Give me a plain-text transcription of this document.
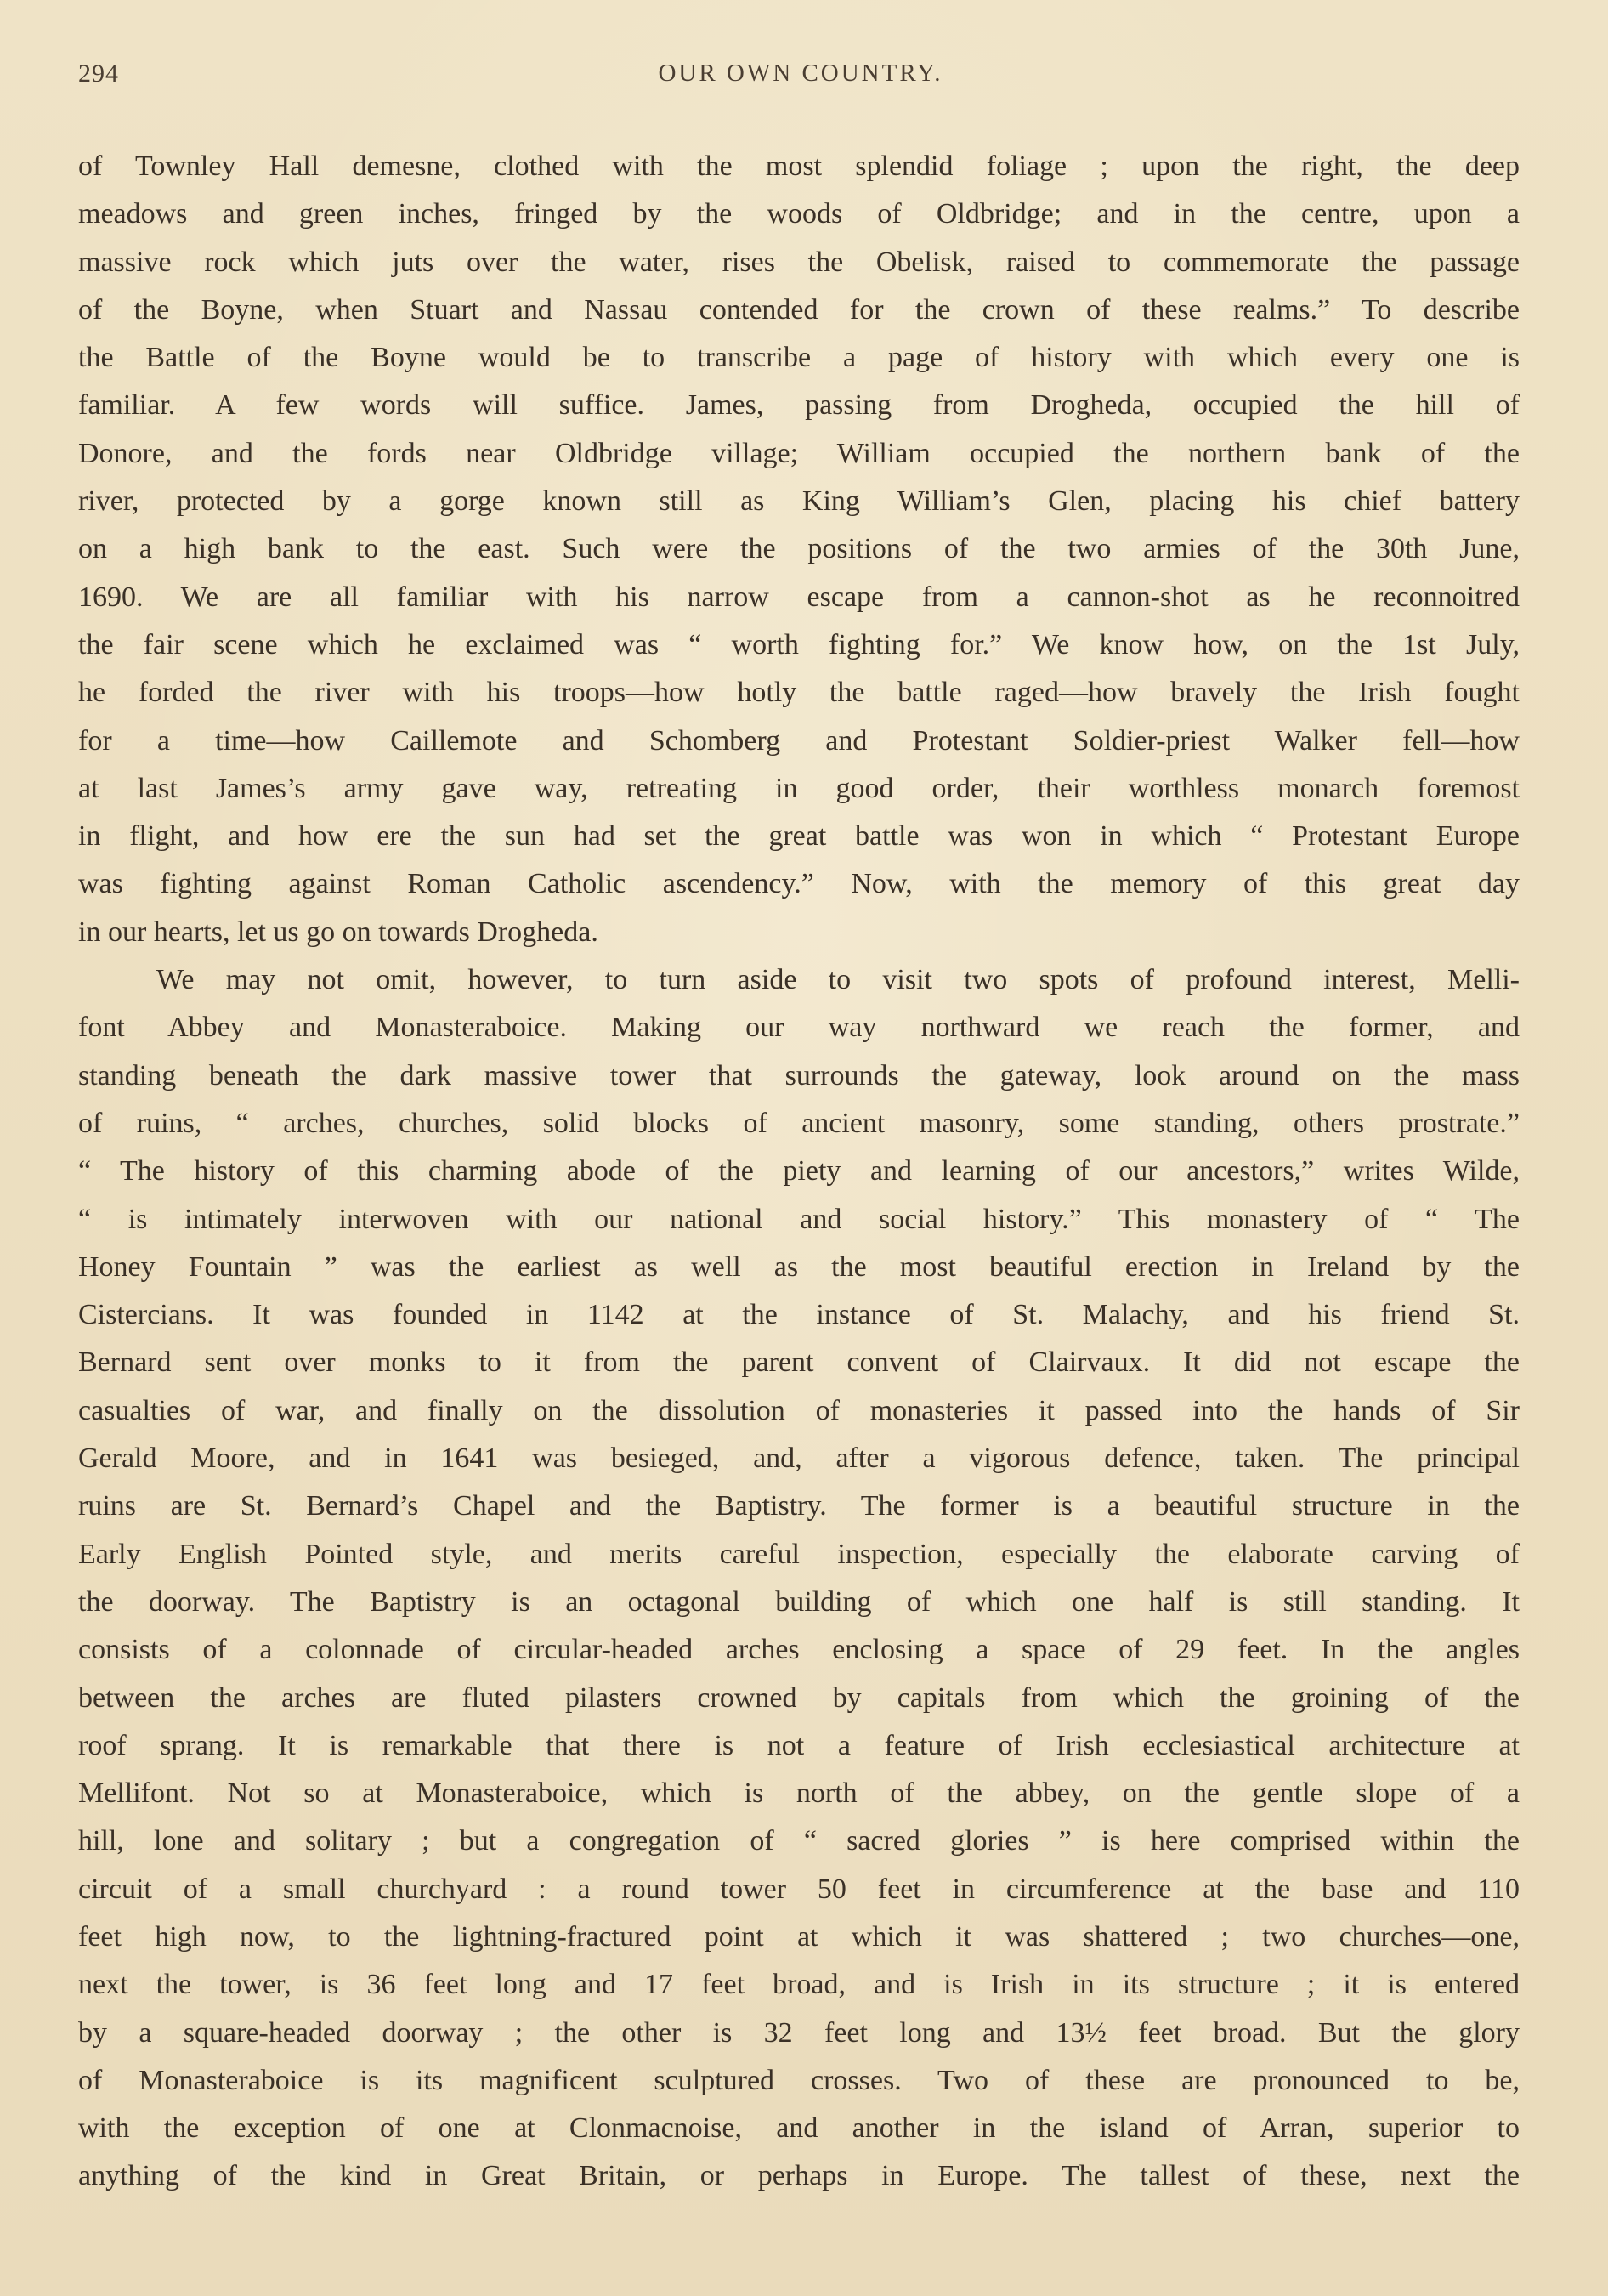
294	OUR OWN COUNTRY.
of Townley Hall demesne, clothed with the most splendid foliage ; upon the right, the deep
meadows and green inches, fringed by the woods of Oldbridge; and in the centre, upon a
massive rock which juts over the water, rises the Obelisk, raised to commemorate the passage
of the Boyne, when Stuart and Nassau contended for the crown of these realms.” To describe
the Battle of the Boyne would be to transcribe a page of history with which every one is
familiar. A few words will suffice. James, passing from Drogheda, occupied the hill of
Donore, and the fords near Oldbridge village; William occupied the northern bank of the
river, protected by a gorge known still as King William’s Glen, placing his chief battery
on a high bank to the east. Such were the positions of the two armies of the 30th June,
1690. We are all familiar with his narrow escape from a cannon-shot as he reconnoitred
the fair scene which he exclaimed was “ worth fighting for.” We know how, on the 1st July,
he forded the river with his troops—how hotly the battle raged—how bravely the Irish fought
for a time—how Caillemote and Schomberg and Protestant Soldier-priest Walker fell—how
at last James’s army gave way, retreating in good order, their worthless monarch foremost
in flight, and how ere the sun had set the great battle was won in which “ Protestant Europe
was fighting against Roman Catholic ascendency.” Now, with the memory of this great day
in our hearts, let us go on towards Drogheda.
We may not omit, however, to turn aside to visit two spots of profound interest, Melli-
font Abbey and Monasteraboice. Making our way northward we reach the former, and
standing beneath the dark massive tower that surrounds the gateway, look around on the mass
of ruins, “ arches, churches, solid blocks of ancient masonry, some standing, others prostrate.”
“ The history of this charming abode of the piety and learning of our ancestors,” writes Wilde,
“ is intimately interwoven with our national and social history.” This monastery of “ The
Honey Fountain ” was the earliest as well as the most beautiful erection in Ireland by the
Cistercians. It was founded in 1142 at the instance of St. Malachy, and his friend St.
Bernard sent over monks to it from the parent convent of Clairvaux. It did not escape the
casualties of war, and finally on the dissolution of monasteries it passed into the hands of Sir
Gerald Moore, and in 1641 was besieged, and, after a vigorous defence, taken. The principal
ruins are St. Bernard’s Chapel and the Baptistry. The former is a beautiful structure in the
Early English Pointed style, and merits careful inspection, especially the elaborate carving of
the doorway. The Baptistry is an octagonal building of which one half is still standing. It
consists of a colonnade of circular-headed arches enclosing a space of 29 feet. In the angles
between the arches are fluted pilasters crowned by capitals from which the groining of the
roof sprang. It is remarkable that there is not a feature of Irish ecclesiastical architecture at
Mellifont. Not so at Monasteraboice, which is north of the abbey, on the gentle slope of a
hill, lone and solitary ; but a congregation of “ sacred glories ” is here comprised within the
circuit of a small churchyard : a round tower 50 feet in circumference at the base and 110
feet high now, to the lightning-fractured point at which it was shattered ; two churches—one,
next the tower, is 36 feet long and 17 feet broad, and is Irish in its structure ; it is entered
by a square-headed doorway ; the other is 32 feet long and 13½ feet broad. But the glory
of Monasteraboice is its magnificent sculptured crosses. Two of these are pronounced to be,
with the exception of one at Clonmacnoise, and another in the island of Arran, superior to
anything of the kind in Great Britain, or perhaps in Europe. The tallest of these, next the
